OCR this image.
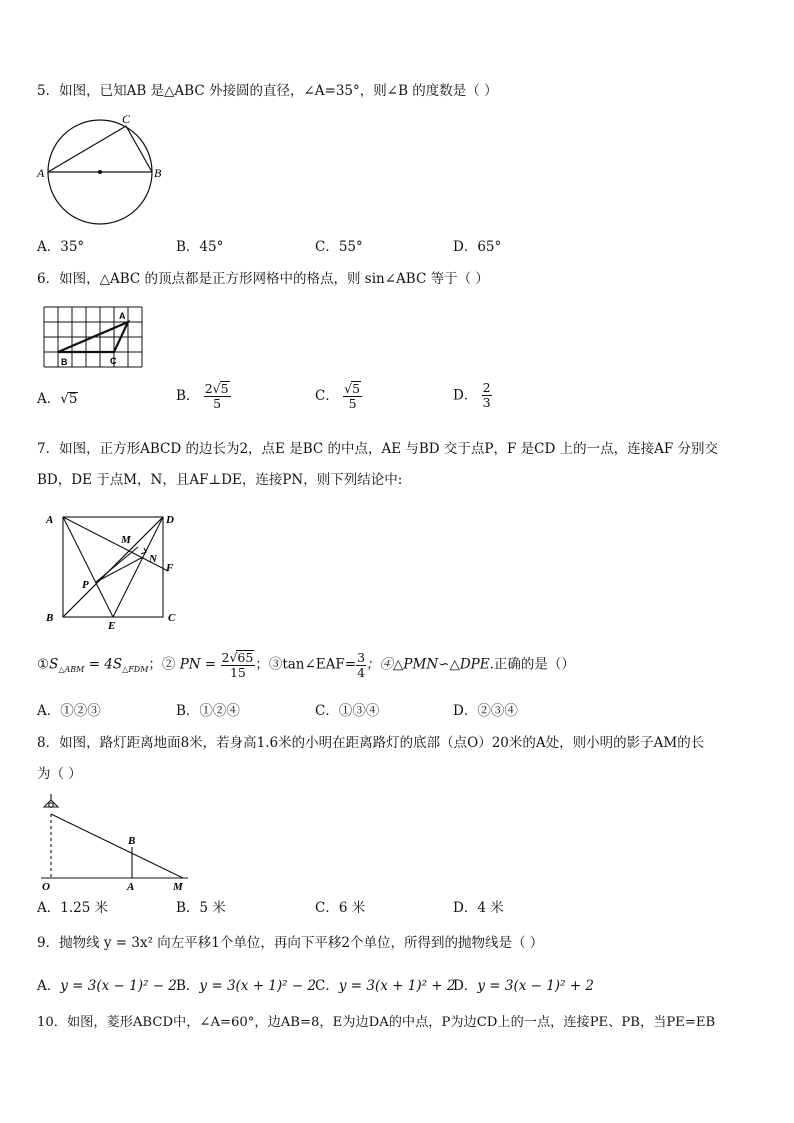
5．如图，已知AB 是△ABC 外接圆的直径，∠A=35°，则∠B 的度数是（ ）
A	B
C
A．35°	B．45°	C．55°	D．65°
6．如图，△ABC 的顶点都是正方形网格中的格点，则 sin∠ABC 等于（ ）
A
B	C
A．√5	B． $\frac{2√5}{5}$	C． $\frac{√5}{5}$	D． $\frac{2}{3}$
7．如图，正方形ABCD 的边长为2，点E 是BC 的中点，AE 与BD 交于点P，F 是CD 上的一点，连接AF 分别交
BD，DE 于点M，N，且AF⊥DE，连接PN，则下列结论中:
A	D
B	C
E
F
M
N
P
$①S_{\triangle ABM} = 4S_{\triangle FDM}$；② PN = $\frac{2√65}{15}$ ；③tan∠EAF= $\frac{3}{4}$ ；④△PMN∽△DPE.正确的是（）
A．①②③	B．①②④	C．①③④	D．②③④
8．如图，路灯距离地面8米，若身高1.6米的小明在距离路灯的底部（点O）20米的A处，则小明的影子AM的长
为（ ）
O	A	M
B
A．1.25 米	B．5 米	C．6 米	D．4 米
9．抛物线 y = 3x² 向左平移1个单位，再向下平移2个单位，所得到的抛物线是（ ）
A．y = 3(x − 1)² − 2 B．y = 3(x + 1)² − 2
C．y = 3(x + 1)² + 2
D．y = 3(x − 1)² + 2
10．如图，菱形ABCD中，∠A=60°，边AB=8，E为边DA的中点，P为边CD上的一点，连接PE、PB，当PE=EB
